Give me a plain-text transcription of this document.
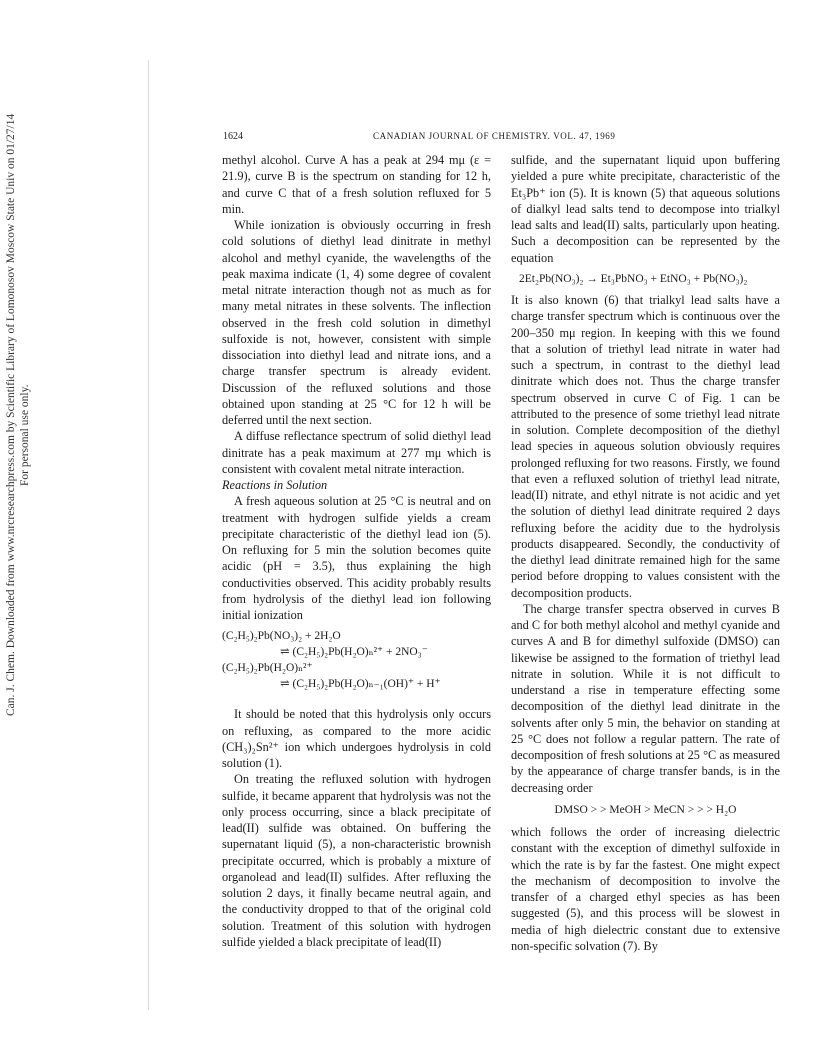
Can. J. Chem. Downloaded from www.nrcresearchpress.com by Scientific Library of Lomonosov Moscow State Univ on 01/27/14 For personal use only.
1624	CANADIAN JOURNAL OF CHEMISTRY. VOL. 47, 1969

methyl alcohol. Curve A has a peak at 294 mμ (ε = 21.9), curve B is the spectrum on standing for 12 h, and curve C that of a fresh solution refluxed for 5 min.

While ionization is obviously occurring in fresh cold solutions of diethyl lead dinitrate in methyl alcohol and methyl cyanide, the wavelengths of the peak maxima indicate (1, 4) some degree of covalent metal nitrate interaction though not as much as for many metal nitrates in these solvents. The inflection observed in the fresh cold solution in dimethyl sulfoxide is not, however, consistent with simple dissociation into diethyl lead and nitrate ions, and a charge transfer spectrum is already evident. Discussion of the refluxed solutions and those obtained upon standing at 25 °C for 12 h will be deferred until the next section.

A diffuse reflectance spectrum of solid diethyl lead dinitrate has a peak maximum at 277 mμ which is consistent with covalent metal nitrate interaction.

Reactions in Solution

A fresh aqueous solution at 25 °C is neutral and on treatment with hydrogen sulfide yields a cream precipitate characteristic of the diethyl lead ion (5). On refluxing for 5 min the solution becomes quite acidic (pH = 3.5), thus explaining the high conductivities observed. This acidity probably results from hydrolysis of the diethyl lead ion following initial ionization

(C₂H₅)₂Pb(NO₃)₂ + 2H₂O
⇌ (C₂H₅)₂Pb(H₂O)ₙ²⁺ + 2NO₃⁻
(C₂H₅)₂Pb(H₂O)ₙ²⁺
⇌ (C₂H₅)₂Pb(H₂O)ₙ₋₁(OH)⁺ + H⁺

It should be noted that this hydrolysis only occurs on refluxing, as compared to the more acidic (CH₃)₂Sn²⁺ ion which undergoes hydrolysis in cold solution (1).

On treating the refluxed solution with hydrogen sulfide, it became apparent that hydrolysis was not the only process occurring, since a black precipitate of lead(II) sulfide was obtained. On buffering the supernatant liquid (5), a non-characteristic brownish precipitate occurred, which is probably a mixture of organolead and lead(II) sulfides. After refluxing the solution 2 days, it finally became neutral again, and the conductivity dropped to that of the original cold solution. Treatment of this solution with hydrogen sulfide yielded a black precipitate of lead(II)

sulfide, and the supernatant liquid upon buffering yielded a pure white precipitate, characteristic of the Et₃Pb⁺ ion (5). It is known (5) that aqueous solutions of dialkyl lead salts tend to decompose into trialkyl lead salts and lead(II) salts, particularly upon heating. Such a decomposition can be represented by the equation

2Et₂Pb(NO₃)₂ → Et₃PbNO₃ + EtNO₃ + Pb(NO₃)₂

It is also known (6) that trialkyl lead salts have a charge transfer spectrum which is continuous over the 200–350 mμ region. In keeping with this we found that a solution of triethyl lead nitrate in water had such a spectrum, in contrast to the diethyl lead dinitrate which does not. Thus the charge transfer spectrum observed in curve C of Fig. 1 can be attributed to the presence of some triethyl lead nitrate in solution. Complete decomposition of the diethyl lead species in aqueous solution obviously requires prolonged refluxing for two reasons. Firstly, we found that even a refluxed solution of triethyl lead nitrate, lead(II) nitrate, and ethyl nitrate is not acidic and yet the solution of diethyl lead dinitrate required 2 days refluxing before the acidity due to the hydrolysis products disappeared. Secondly, the conductivity of the diethyl lead dinitrate remained high for the same period before dropping to values consistent with the decomposition products.

The charge transfer spectra observed in curves B and C for both methyl alcohol and methyl cyanide and curves A and B for dimethyl sulfoxide (DMSO) can likewise be assigned to the formation of triethyl lead nitrate in solution. While it is not difficult to understand a rise in temperature effecting some decomposition of the diethyl lead dinitrate in the solvents after only 5 min, the behavior on standing at 25 °C does not follow a regular pattern. The rate of decomposition of fresh solutions at 25 °C as measured by the appearance of charge transfer bands, is in the decreasing order

DMSO > > MeOH > MeCN > > > H₂O

which follows the order of increasing dielectric constant with the exception of dimethyl sulfoxide in which the rate is by far the fastest. One might expect the mechanism of decomposition to involve the transfer of a charged ethyl species as has been suggested (5), and this process will be slowest in media of high dielectric constant due to extensive non-specific solvation (7). By
